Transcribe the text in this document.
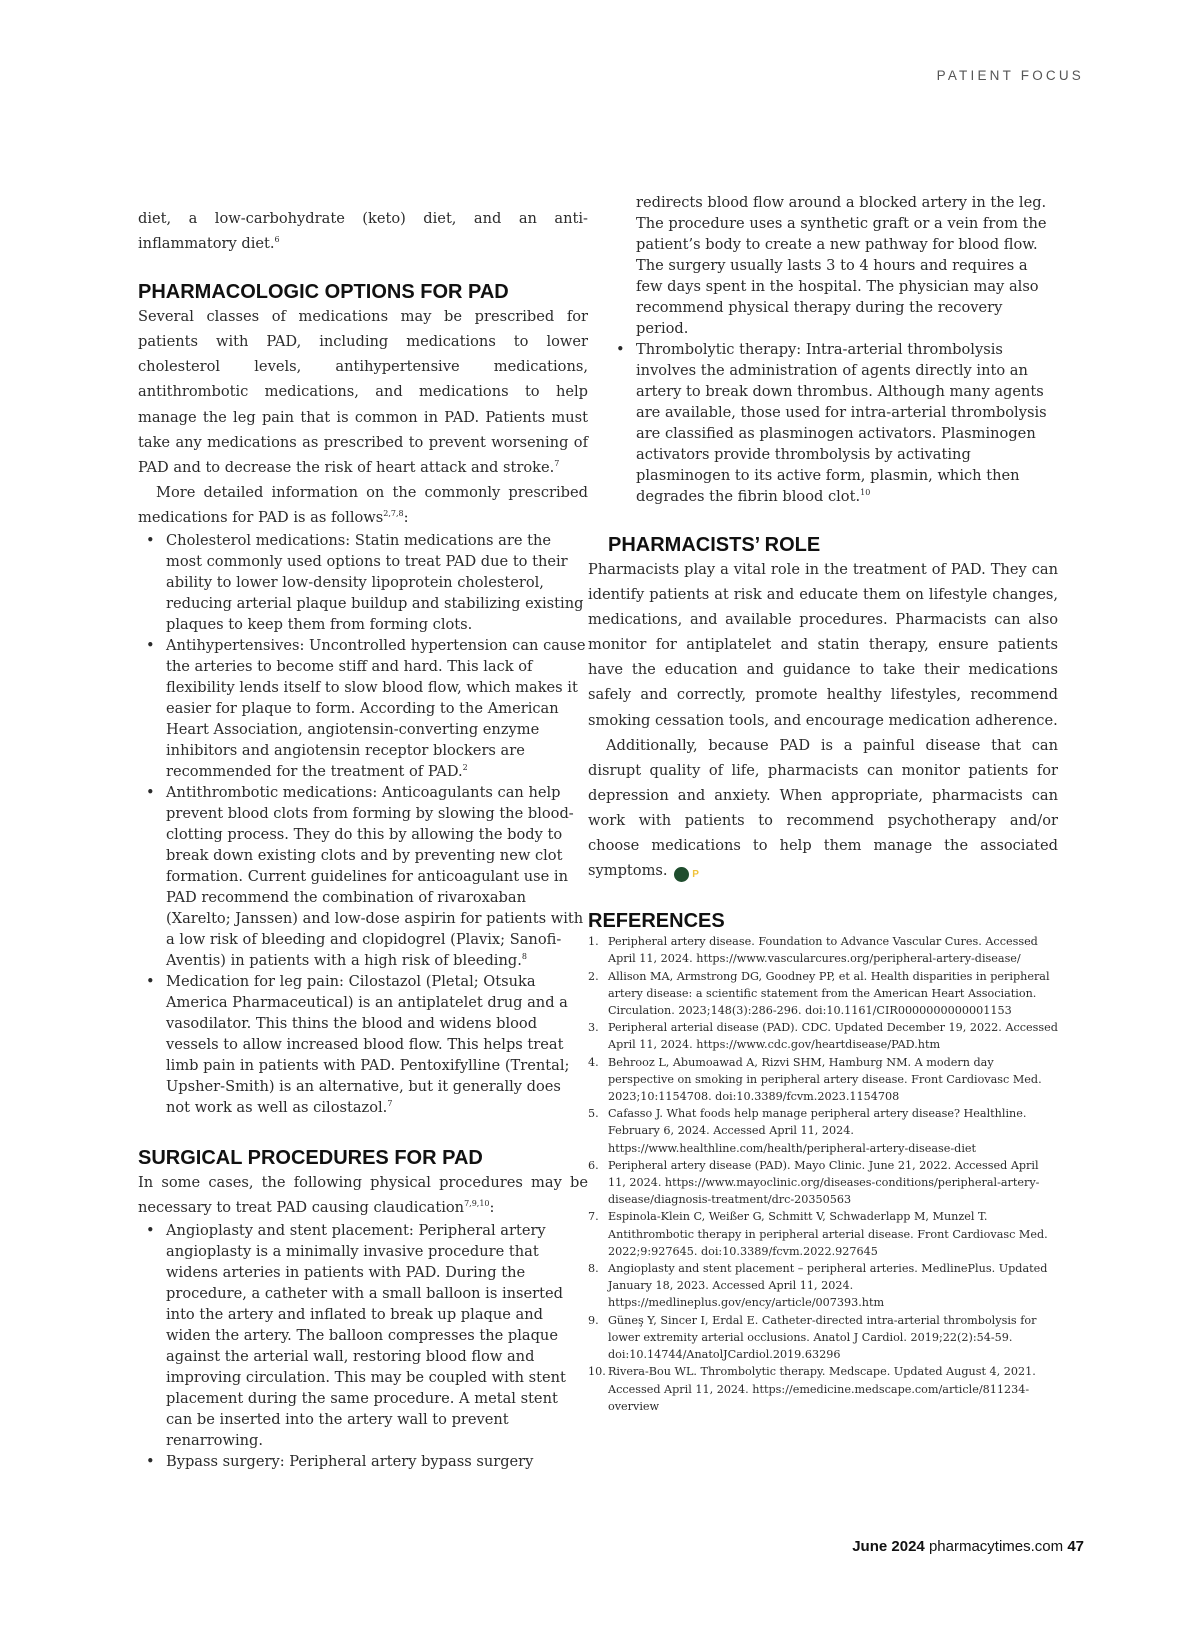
PATIENT FOCUS

diet, a low-carbohydrate (keto) diet, and an anti-inflammatory diet.$^6$

PHARMACOLOGIC OPTIONS FOR PAD

Several classes of medications may be prescribed for patients with PAD, including medications to lower cholesterol levels, antihypertensive medications, antithrombotic medications, and medications to help manage the leg pain that is common in PAD. Patients must take any medications as prescribed to prevent worsening of PAD and to decrease the risk of heart attack and stroke.$^7$

More detailed information on the commonly prescribed medications for PAD is as follows$^{2,7,8}$:

• Cholesterol medications: Statin medications are the most commonly used options to treat PAD due to their ability to lower low-density lipoprotein cholesterol, reducing arterial plaque buildup and stabilizing existing plaques to keep them from forming clots.
• Antihypertensives: Uncontrolled hypertension can cause the arteries to become stiff and hard. This lack of flexibility lends itself to slow blood flow, which makes it easier for plaque to form. According to the American Heart Association, angiotensin-converting enzyme inhibitors and angiotensin receptor blockers are recommended for the treatment of PAD.$^2$
• Antithrombotic medications: Anticoagulants can help prevent blood clots from forming by slowing the blood-clotting process. They do this by allowing the body to break down existing clots and by preventing new clot formation. Current guidelines for anticoagulant use in PAD recommend the combination of rivaroxaban (Xarelto; Janssen) and low-dose aspirin for patients with a low risk of bleeding and clopidogrel (Plavix; Sanofi-Aventis) in patients with a high risk of bleeding.$^8$
• Medication for leg pain: Cilostazol (Pletal; Otsuka America Pharmaceutical) is an antiplatelet drug and a vasodilator. This thins the blood and widens blood vessels to allow increased blood flow. This helps treat limb pain in patients with PAD. Pentoxifylline (Trental; Upsher-Smith) is an alternative, but it generally does not work as well as cilostazol.$^7$
SURGICAL PROCEDURES FOR PAD

In some cases, the following physical procedures may be necessary to treat PAD causing claudication$^{7,9,10}$:

• Angioplasty and stent placement: Peripheral artery angioplasty is a minimally invasive procedure that widens arteries in patients with PAD. During the procedure, a catheter with a small balloon is inserted into the artery and inflated to break up plaque and widen the artery. The balloon compresses the plaque against the arterial wall, restoring blood flow and improving circulation. This may be coupled with stent placement during the same procedure. A metal stent can be inserted into the artery wall to prevent renarrowing.
• Bypass surgery: Peripheral artery bypass surgery
redirects blood flow around a blocked artery in the leg. The procedure uses a synthetic graft or a vein from the patient’s body to create a new pathway for blood flow. The surgery usually lasts 3 to 4 hours and requires a few days spent in the hospital. The physician may also recommend physical therapy during the recovery period.
• Thrombolytic therapy: Intra-arterial thrombolysis involves the administration of agents directly into an artery to break down thrombus. Although many agents are available, those used for intra-arterial thrombolysis are classified as plasminogen activators. Plasminogen activators provide thrombolysis by activating plasminogen to its active form, plasmin, which then degrades the fibrin blood clot.$^{10}$
PHARMACISTS’ ROLE

Pharmacists play a vital role in the treatment of PAD. They can identify patients at risk and educate them on lifestyle changes, medications, and available procedures. Pharmacists can also monitor for antiplatelet and statin therapy, ensure patients have the education and guidance to take their medications safely and correctly, promote healthy lifestyles, recommend smoking cessation tools, and encourage medication adherence.

Additionally, because PAD is a painful disease that can disrupt quality of life, pharmacists can monitor patients for depression and anxiety. When appropriate, pharmacists can work with patients to recommend psychotherapy and/or choose medications to help them manage the associated symptoms. P

REFERENCES
1. Peripheral artery disease. Foundation to Advance Vascular Cures. Accessed April 11, 2024. https://www.vascularcures.org/peripheral-artery-disease/
2. Allison MA, Armstrong DG, Goodney PP, et al. Health disparities in peripheral artery disease: a scientific statement from the American Heart Association. Circulation. 2023;148(3):286-296. doi:10.1161/CIR0000000000001153
3. Peripheral arterial disease (PAD). CDC. Updated December 19, 2022. Accessed April 11, 2024. https://www.cdc.gov/heartdisease/PAD.htm
4. Behrooz L, Abumoawad A, Rizvi SHM, Hamburg NM. A modern day perspective on smoking in peripheral artery disease. Front Cardiovasc Med. 2023;10:1154708. doi:10.3389/fcvm.2023.1154708
5. Cafasso J. What foods help manage peripheral artery disease? Healthline. February 6, 2024. Accessed April 11, 2024. https://www.healthline.com/health/peripheral-artery-disease-diet
6. Peripheral artery disease (PAD). Mayo Clinic. June 21, 2022. Accessed April 11, 2024. https://www.mayoclinic.org/diseases-conditions/peripheral-artery-disease/diagnosis-treatment/drc-20350563
7. Espinola-Klein C, Weißer G, Schmitt V, Schwaderlapp M, Munzel T. Antithrombotic therapy in peripheral arterial disease. Front Cardiovasc Med. 2022;9:927645. doi:10.3389/fcvm.2022.927645
8. Angioplasty and stent placement – peripheral arteries. MedlinePlus. Updated January 18, 2023. Accessed April 11, 2024. https://medlineplus.gov/ency/article/007393.htm
9. Güneş Y, Sincer I, Erdal E. Catheter-directed intra-arterial thrombolysis for lower extremity arterial occlusions. Anatol J Cardiol. 2019;22(2):54-59. doi:10.14744/AnatolJCardiol.2019.63296
10. Rivera-Bou WL. Thrombolytic therapy. Medscape. Updated August 4, 2021. Accessed April 11, 2024. https://emedicine.medscape.com/article/811234-overview
June 2024 pharmacytimes.com 47
